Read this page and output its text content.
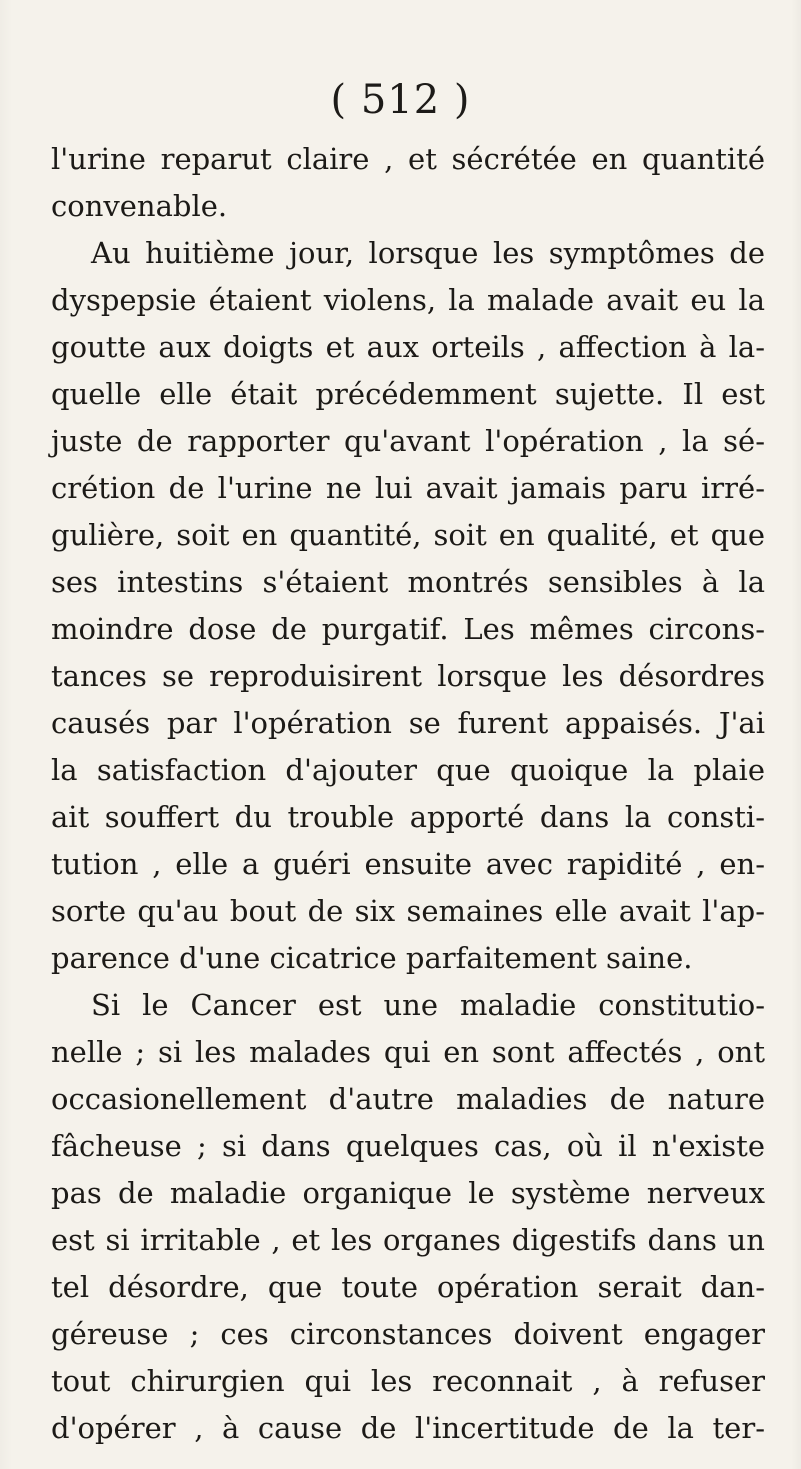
( 512 )
l'urine reparut claire , et sécrétée en quantité
convenable.
Au huitième jour, lorsque les symptômes de
dyspepsie étaient violens, la malade avait eu la
goutte aux doigts et aux orteils , affection à la-
quelle elle était précédemment sujette. Il est
juste de rapporter qu'avant l'opération , la sé-
crétion de l'urine ne lui avait jamais paru irré-
gulière, soit en quantité, soit en qualité, et que
ses intestins s'étaient montrés sensibles à la
moindre dose de purgatif. Les mêmes circons-
tances se reproduisirent lorsque les désordres
causés par l'opération se furent appaisés. J'ai
la satisfaction d'ajouter que quoique la plaie
ait souffert du trouble apporté dans la consti-
tution , elle a guéri ensuite avec rapidité , en-
sorte qu'au bout de six semaines elle avait l'ap-
parence d'une cicatrice parfaitement saine.
Si le Cancer est une maladie constitutio-
nelle ; si les malades qui en sont affectés , ont
occasionellement d'autre maladies de nature
fâcheuse ; si dans quelques cas, où il n'existe
pas de maladie organique le système nerveux
est si irritable , et les organes digestifs dans un
tel désordre, que toute opération serait dan-
géreuse ; ces circonstances doivent engager
tout chirurgien qui les reconnait , à refuser
d'opérer , à cause de l'incertitude de la ter-
